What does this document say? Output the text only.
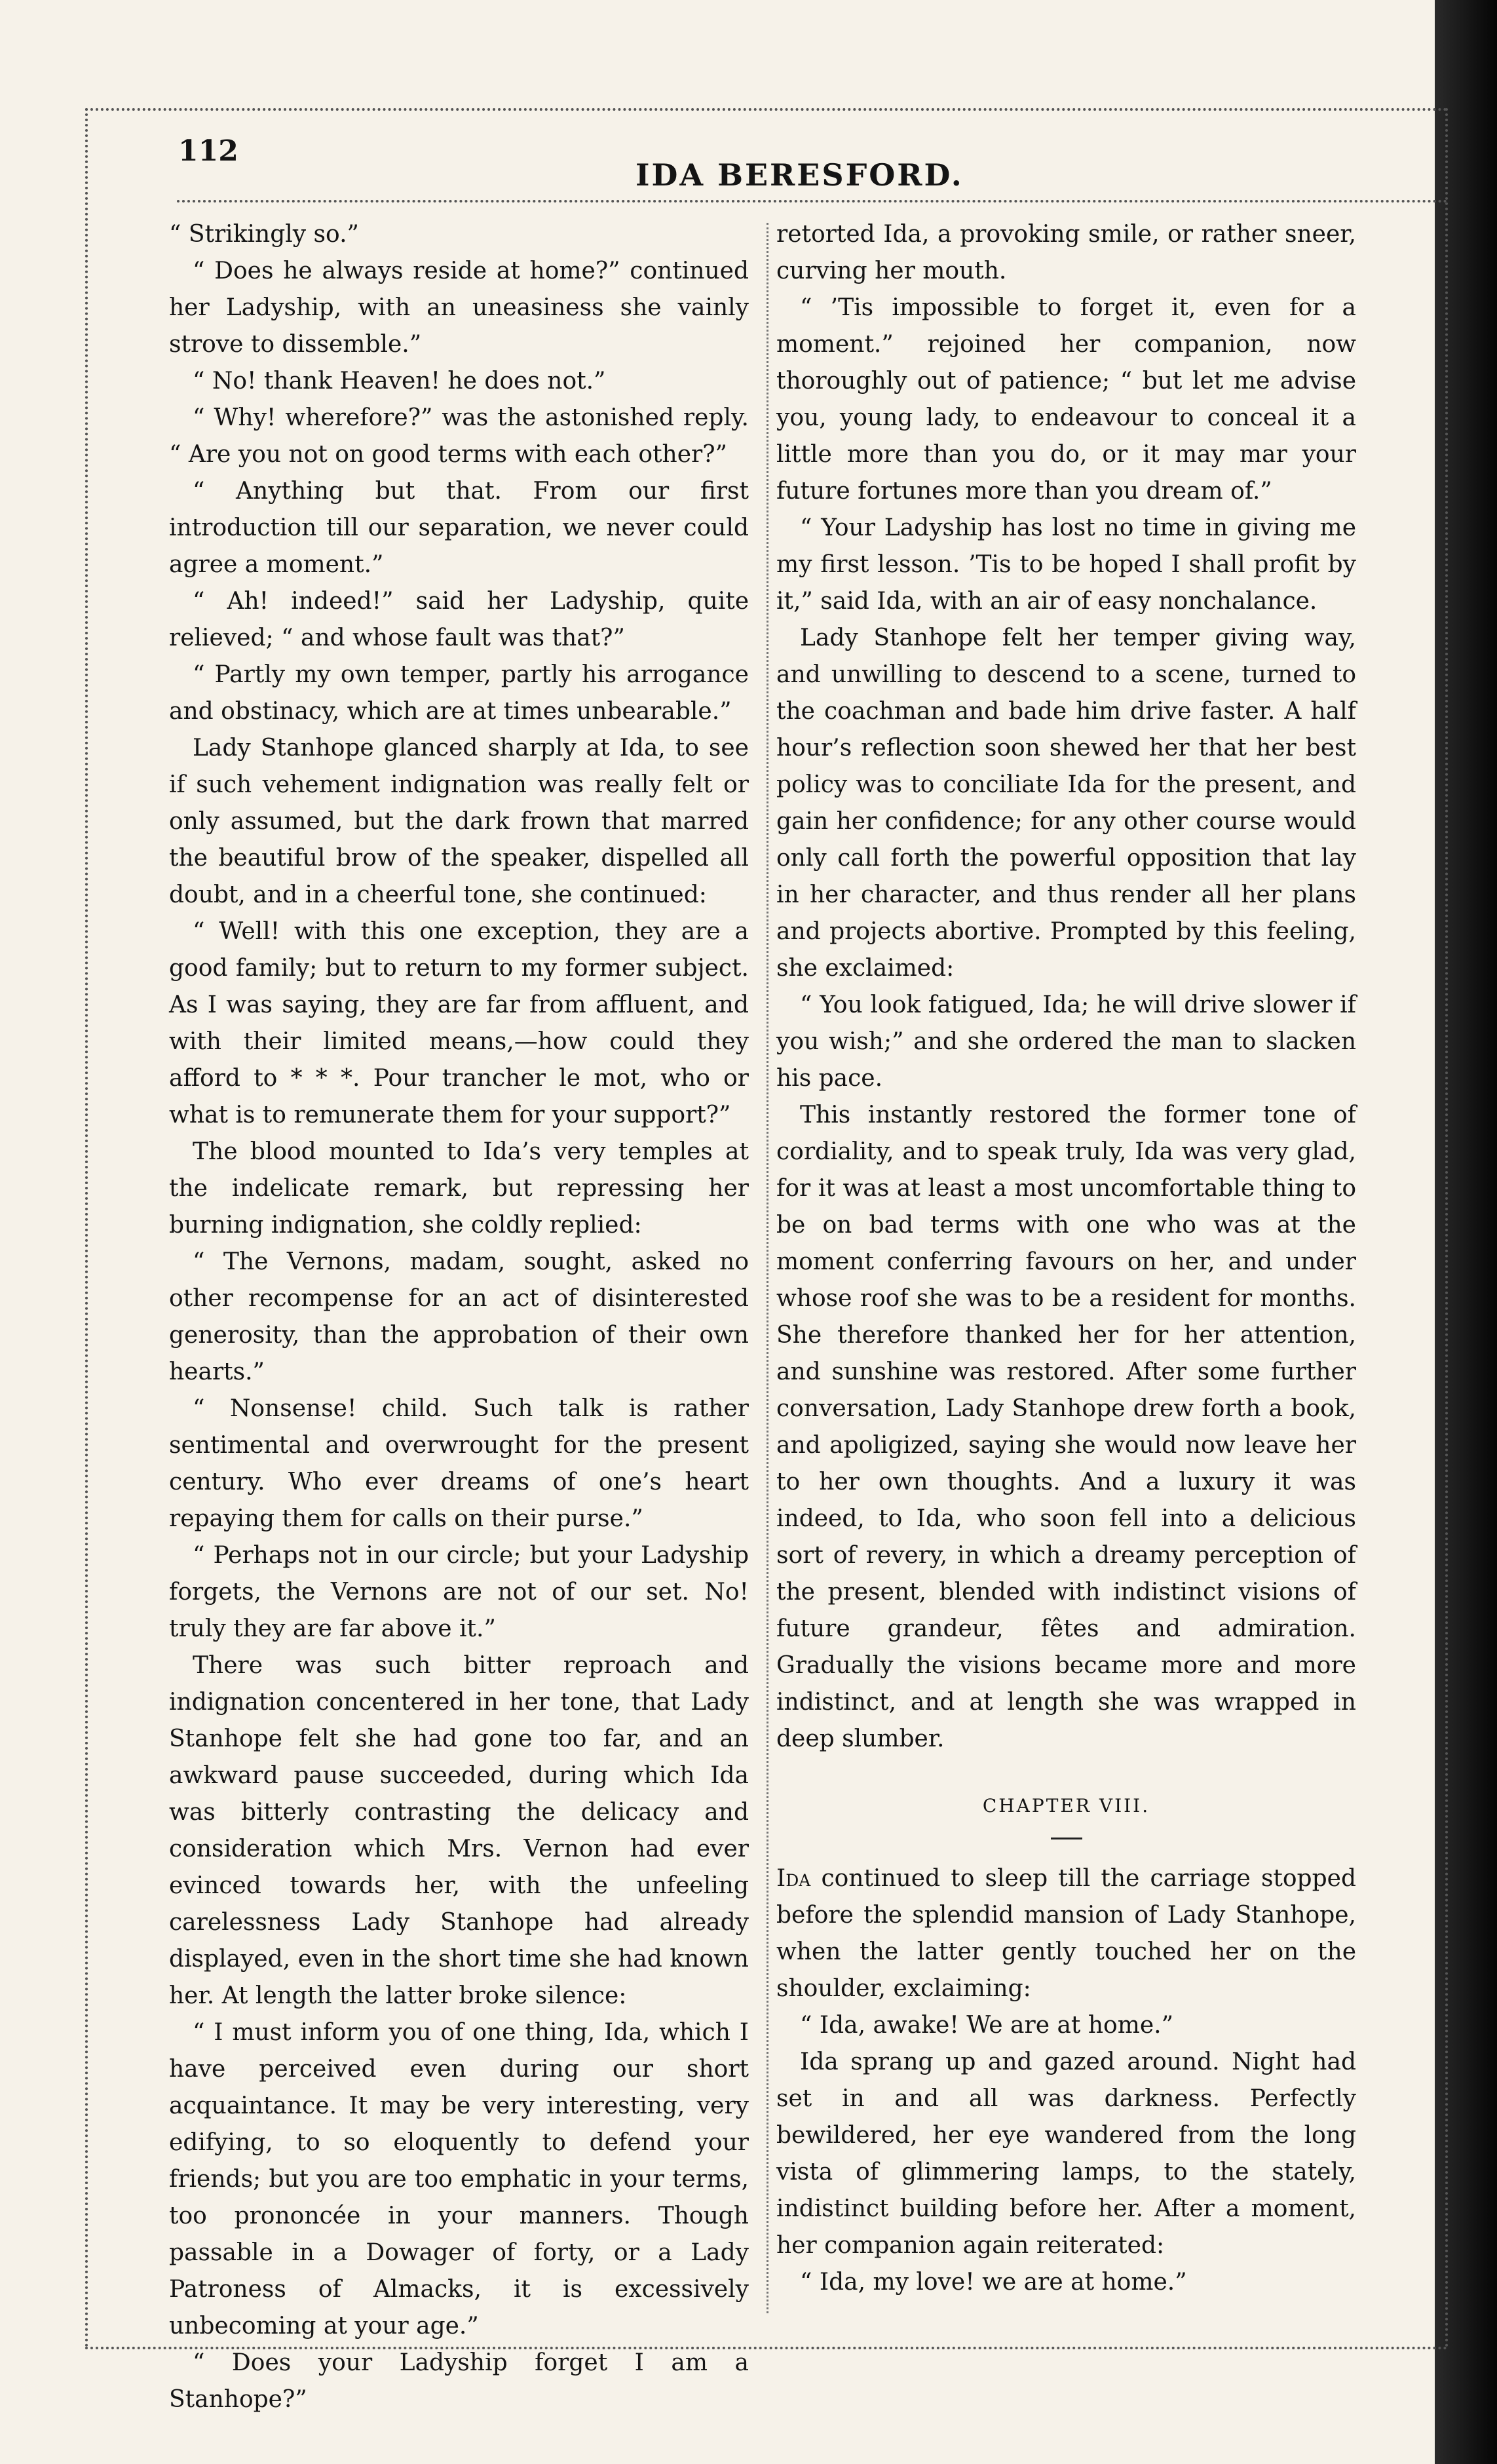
112
IDA BERESFORD.

“ Strikingly so.”

“ Does he always reside at home?” continued her Ladyship, with an uneasiness she vainly strove to dissemble.”

“ No! thank Heaven! he does not.”

“ Why! wherefore?” was the astonished reply. “ Are you not on good terms with each other?”

“ Anything but that. From our first introduction till our separation, we never could agree a moment.”

“ Ah! indeed!” said her Ladyship, quite relieved; “ and whose fault was that?”

“ Partly my own temper, partly his arrogance and obstinacy, which are at times unbearable.”

Lady Stanhope glanced sharply at Ida, to see if such vehement indignation was really felt or only assumed, but the dark frown that marred the beautiful brow of the speaker, dispelled all doubt, and in a cheerful tone, she continued:

“ Well! with this one exception, they are a good family; but to return to my former subject. As I was saying, they are far from affluent, and with their limited means,—how could they afford to * * *. Pour trancher le mot, who or what is to remunerate them for your support?”

The blood mounted to Ida’s very temples at the indelicate remark, but repressing her burning indignation, she coldly replied:

“ The Vernons, madam, sought, asked no other recompense for an act of disinterested generosity, than the approbation of their own hearts.”

“ Nonsense! child. Such talk is rather sentimental and overwrought for the present century. Who ever dreams of one’s heart repaying them for calls on their purse.”

“ Perhaps not in our circle; but your Ladyship forgets, the Vernons are not of our set. No! truly they are far above it.”

There was such bitter reproach and indignation concentered in her tone, that Lady Stanhope felt she had gone too far, and an awkward pause succeeded, during which Ida was bitterly contrasting the delicacy and consideration which Mrs. Vernon had ever evinced towards her, with the unfeeling carelessness Lady Stanhope had already displayed, even in the short time she had known her. At length the latter broke silence:

“ I must inform you of one thing, Ida, which I have perceived even during our short acquaintance. It may be very interesting, very edifying, to so eloquently to defend your friends; but you are too emphatic in your terms, too prononcée in your manners. Though passable in a Dowager of forty, or a Lady Patroness of Almacks, it is excessively unbecoming at your age.”

“ Does your Ladyship forget I am a Stanhope?”

retorted Ida, a provoking smile, or rather sneer, curving her mouth.

“ ’Tis impossible to forget it, even for a moment.” rejoined her companion, now thoroughly out of patience; “ but let me advise you, young lady, to endeavour to conceal it a little more than you do, or it may mar your future fortunes more than you dream of.”

“ Your Ladyship has lost no time in giving me my first lesson. ’Tis to be hoped I shall profit by it,” said Ida, with an air of easy nonchalance.

Lady Stanhope felt her temper giving way, and unwilling to descend to a scene, turned to the coachman and bade him drive faster. A half hour’s reflection soon shewed her that her best policy was to conciliate Ida for the present, and gain her confidence; for any other course would only call forth the powerful opposition that lay in her character, and thus render all her plans and projects abortive. Prompted by this feeling, she exclaimed:

“ You look fatigued, Ida; he will drive slower if you wish;” and she ordered the man to slacken his pace.

This instantly restored the former tone of cordiality, and to speak truly, Ida was very glad, for it was at least a most uncomfortable thing to be on bad terms with one who was at the moment conferring favours on her, and under whose roof she was to be a resident for months. She therefore thanked her for her attention, and sunshine was restored. After some further conversation, Lady Stanhope drew forth a book, and apoligized, saying she would now leave her to her own thoughts. And a luxury it was indeed, to Ida, who soon fell into a delicious sort of revery, in which a dreamy perception of the present, blended with indistinct visions of future grandeur, fêtes and admiration. Gradually the visions became more and more indistinct, and at length she was wrapped in deep slumber.

CHAPTER VIII.

Ida continued to sleep till the carriage stopped before the splendid mansion of Lady Stanhope, when the latter gently touched her on the shoulder, exclaiming:

“ Ida, awake! We are at home.”

Ida sprang up and gazed around. Night had set in and all was darkness. Perfectly bewildered, her eye wandered from the long vista of glimmering lamps, to the stately, indistinct building before her. After a moment, her companion again reiterated:

“ Ida, my love! we are at home.”
